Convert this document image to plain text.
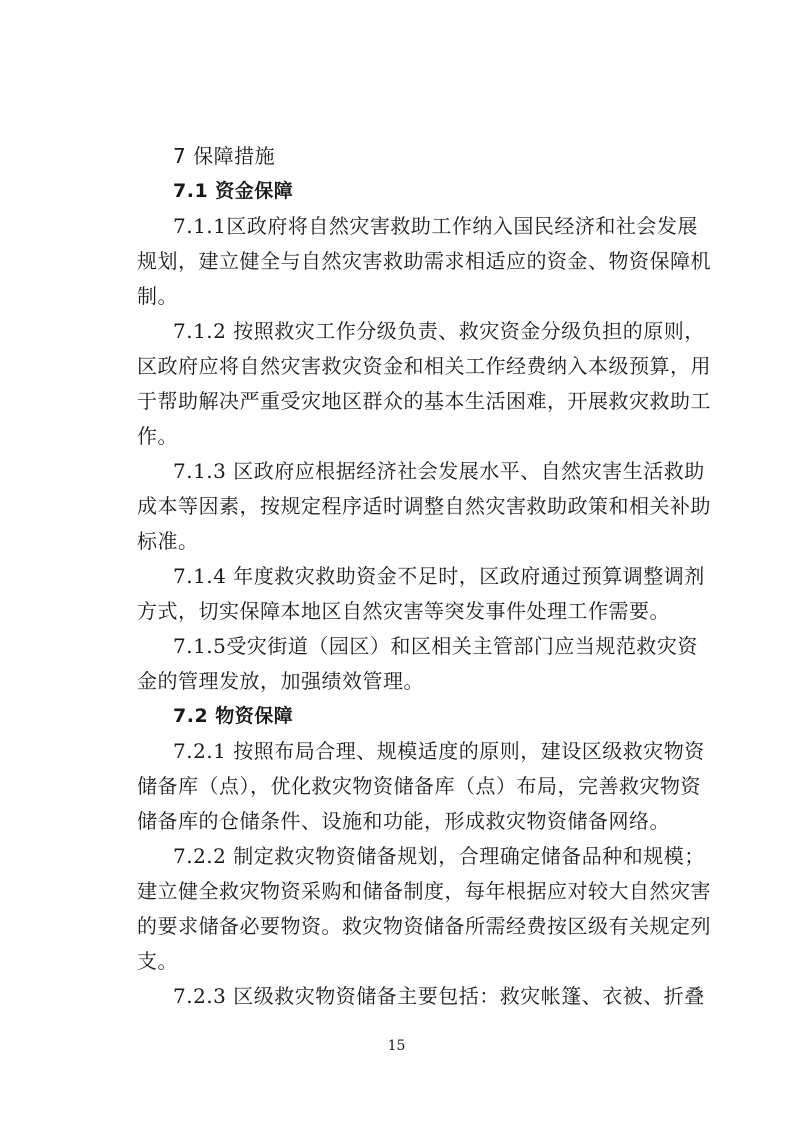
7 保障措施
7.1 资金保障
7.1.1区政府将自然灾害救助工作纳入国民经济和社会发展
规划，建立健全与自然灾害救助需求相适应的资金、物资保障机
制。
7.1.2 按照救灾工作分级负责、救灾资金分级负担的原则，
区政府应将自然灾害救灾资金和相关工作经费纳入本级预算，用
于帮助解决严重受灾地区群众的基本生活困难，开展救灾救助工
作。
7.1.3 区政府应根据经济社会发展水平、自然灾害生活救助
成本等因素，按规定程序适时调整自然灾害救助政策和相关补助
标准。
7.1.4 年度救灾救助资金不足时，区政府通过预算调整调剂
方式，切实保障本地区自然灾害等突发事件处理工作需要。
7.1.5受灾街道（园区）和区相关主管部门应当规范救灾资
金的管理发放，加强绩效管理。
7.2 物资保障
7.2.1 按照布局合理、规模适度的原则，建设区级救灾物资
储备库（点），优化救灾物资储备库（点）布局，完善救灾物资
储备库的仓储条件、设施和功能，形成救灾物资储备网络。
7.2.2 制定救灾物资储备规划，合理确定储备品种和规模；
建立健全救灾物资采购和储备制度，每年根据应对较大自然灾害
的要求储备必要物资。救灾物资储备所需经费按区级有关规定列
支。
7.2.3 区级救灾物资储备主要包括：救灾帐篷、衣被、折叠
15
